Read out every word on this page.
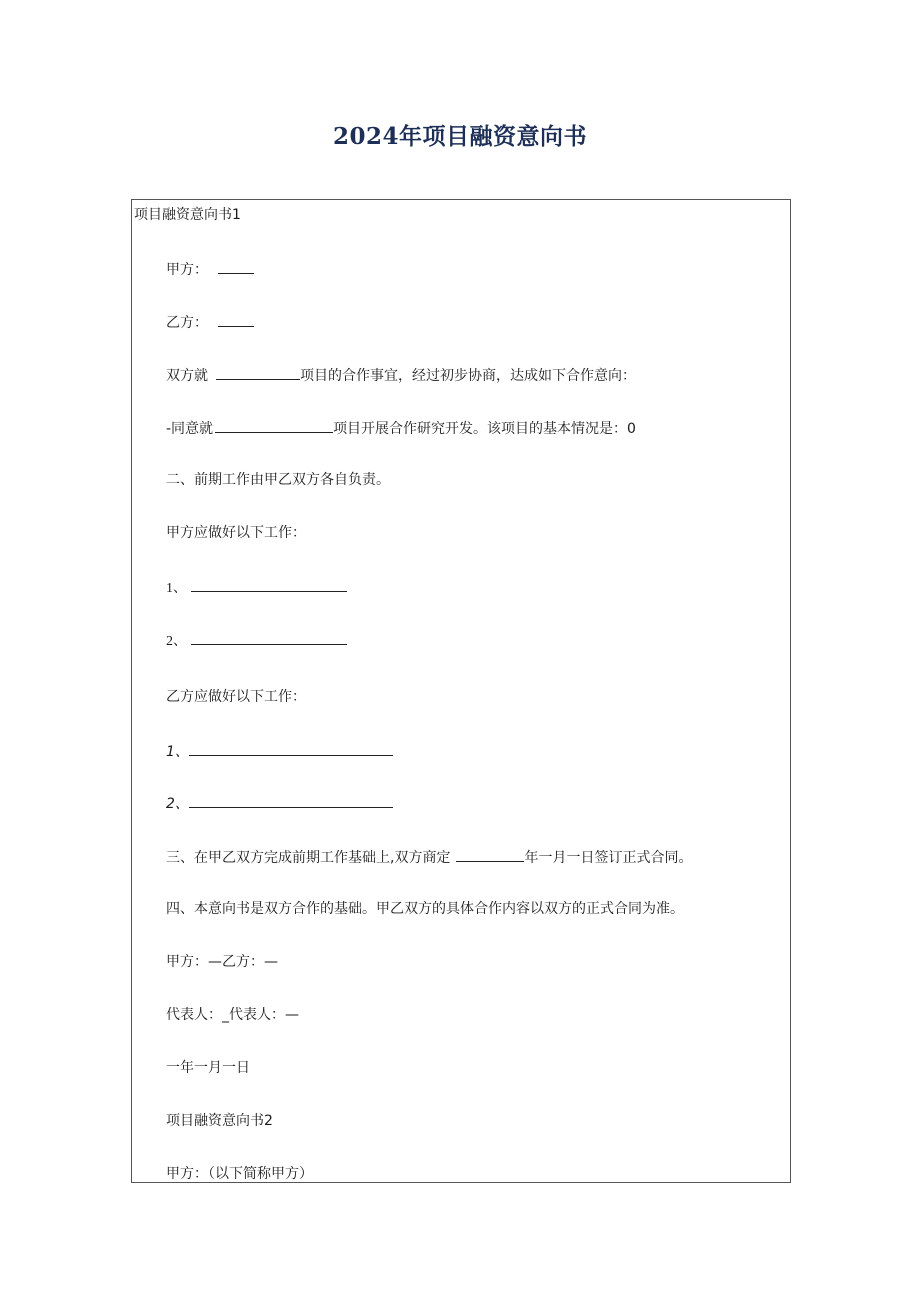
2024年项目融资意向书
项目融资意向书1
甲方：
乙方：
双方就	项目的合作事宜，经过初步协商，达成如下合作意向：
-同意就	项目开展合作研究开发。该项目的基本情况是：0
二、前期工作由甲乙双方各自负责。
甲方应做好以下工作：
1、
2、
乙方应做好以下工作：
1、
2、
三、在甲乙双方完成前期工作基础上,双方商定	年一月一日签订正式合同。
四、本意向书是双方合作的基础。甲乙双方的具体合作内容以双方的正式合同为准。
甲方：—乙方：—
代表人：_代表人：—
一年一月一日
项目融资意向书2
甲方：（以下简称甲方）
